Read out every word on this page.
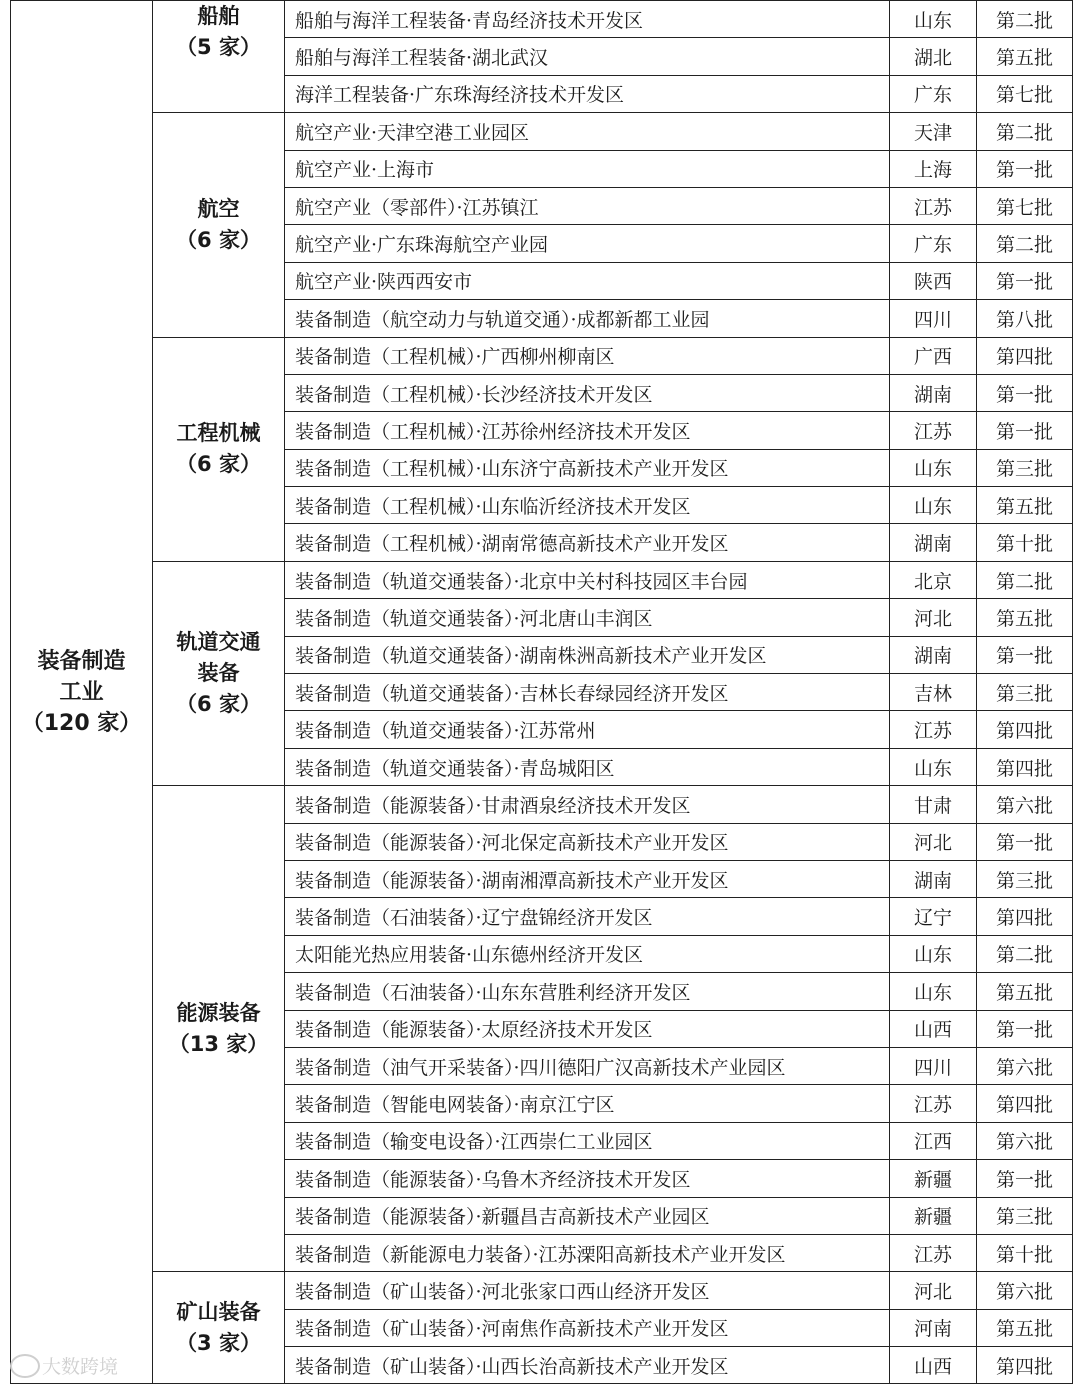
装备制造工业
（120 家）	船舶
（5 家）	船舶与海洋工程装备·青岛经济技术开发区	山东	第二批
		船舶与海洋工程装备·湖北武汉	湖北	第五批
		海洋工程装备·广东珠海经济技术开发区	广东	第七批

	航空
（6 家）	航空产业·天津空港工业园区	天津	第二批
		航空产业·上海市	上海	第一批
		航空产业（零部件）·江苏镇江	江苏	第七批
		航空产业·广东珠海航空产业园	广东	第二批
		航空产业·陕西西安市	陕西	第一批
		装备制造（航空动力与轨道交通）·成都新都工业园	四川	第八批

	工程机械
（6 家）	装备制造（工程机械）·广西柳州柳南区	广西	第四批
		装备制造（工程机械）·长沙经济技术开发区	湖南	第一批
		装备制造（工程机械）·江苏徐州经济技术开发区	江苏	第一批
		装备制造（工程机械）·山东济宁高新技术产业开发区	山东	第三批
		装备制造（工程机械）·山东临沂经济技术开发区	山东	第五批
		装备制造（工程机械）·湖南常德高新技术产业开发区	湖南	第十批

	轨道交通装备
（6 家）	装备制造（轨道交通装备）·北京中关村科技园区丰台园	北京	第二批
		装备制造（轨道交通装备）·河北唐山丰润区	河北	第五批
		装备制造（轨道交通装备）·湖南株洲高新技术产业开发区	湖南	第一批
		装备制造（轨道交通装备）·吉林长春绿园经济开发区	吉林	第三批
		装备制造（轨道交通装备）·江苏常州	江苏	第四批
		装备制造（轨道交通装备）·青岛城阳区	山东	第四批

	能源装备
（13 家）	装备制造（能源装备）·甘肃酒泉经济技术开发区	甘肃	第六批
		装备制造（能源装备）·河北保定高新技术产业开发区	河北	第一批
		装备制造（能源装备）·湖南湘潭高新技术产业开发区	湖南	第三批
		装备制造（石油装备）·辽宁盘锦经济开发区	辽宁	第四批
		太阳能光热应用装备·山东德州经济开发区	山东	第二批
		装备制造（石油装备）·山东东营胜利经济开发区	山东	第五批
		装备制造（能源装备）·太原经济技术开发区	山西	第一批
		装备制造（油气开采装备）·四川德阳广汉高新技术产业园区	四川	第六批
		装备制造（智能电网装备）·南京江宁区	江苏	第四批
		装备制造（输变电设备）·江西崇仁工业园区	江西	第六批
		装备制造（能源装备）·乌鲁木齐经济技术开发区	新疆	第一批
		装备制造（能源装备）·新疆昌吉高新技术产业园区	新疆	第三批
		装备制造（新能源电力装备）·江苏溧阳高新技术产业开发区	江苏	第十批

	矿山装备
（3 家）	装备制造（矿山装备）·河北张家口西山经济开发区	河北	第六批
		装备制造（矿山装备）·河南焦作高新技术产业开发区	河南	第五批
		装备制造（矿山装备）·山西长治高新技术产业开发区	山西	第四批
大数跨境
